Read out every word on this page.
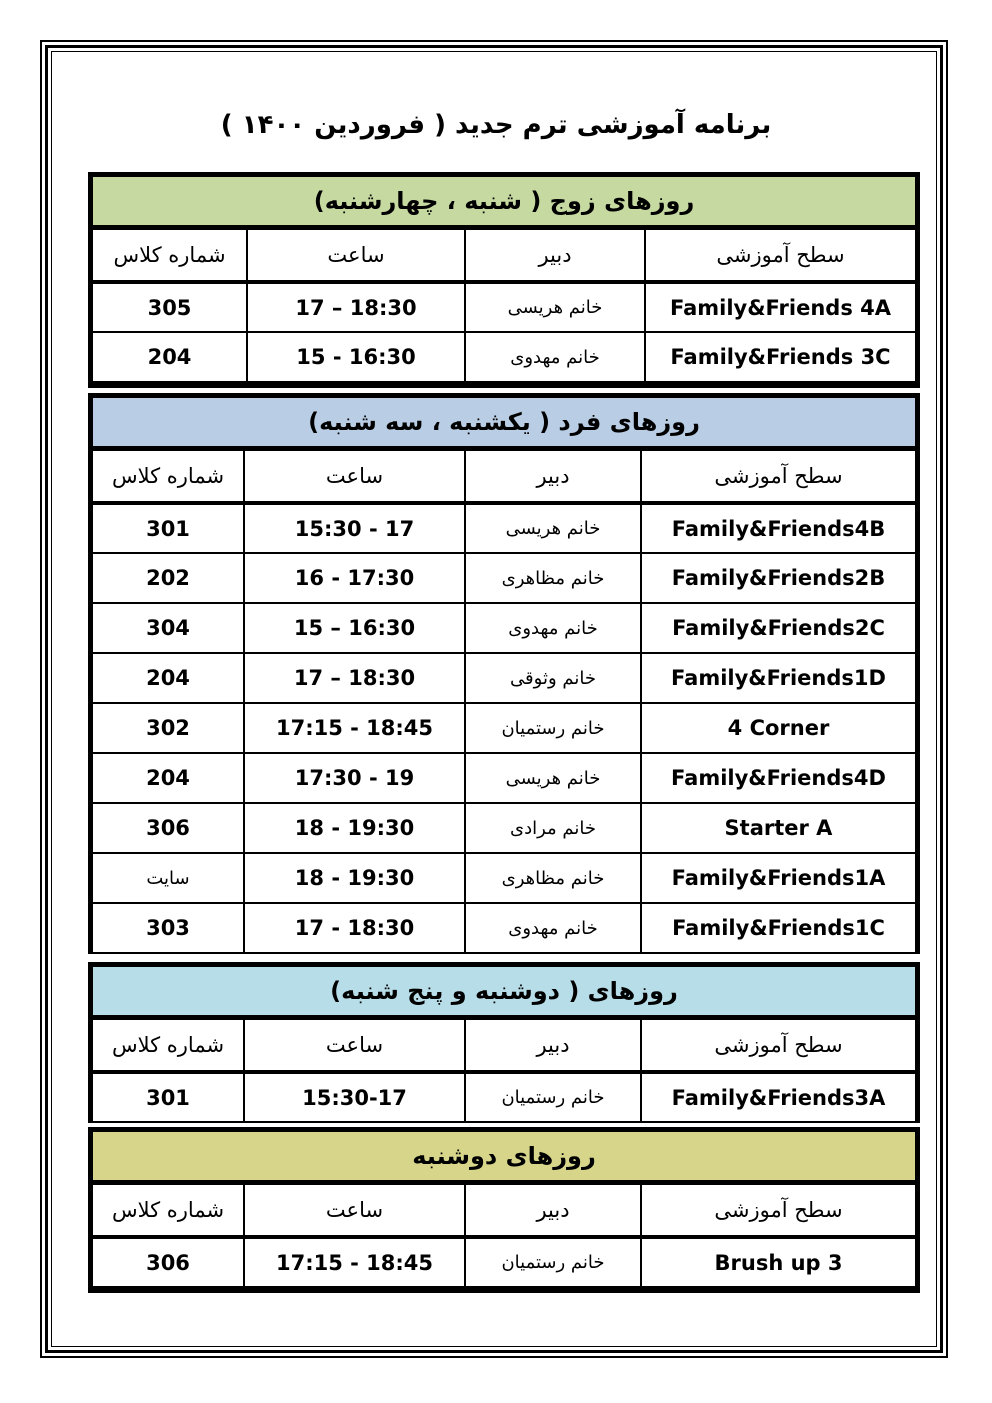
برنامه آموزشی ترم جدید ( فروردین ۱۴۰۰ )
روزهای زوج ( شنبه ، چهارشنبه)
سطح آموزشی	دبیر	ساعت	شماره کلاس
Family&Friends 4A	خانم هریسی	17 – 18:30	305
Family&Friends 3C	خانم مهدوی	15 - 16:30	204
روزهای فرد ( یکشنبه ، سه شنبه)
سطح آموزشی	دبیر	ساعت	شماره کلاس
Family&Friends4B	خانم هریسی	15:30 - 17	301
Family&Friends2B	خانم مظاهری	16 - 17:30	202
Family&Friends2C	خانم مهدوی	15 – 16:30	304
Family&Friends1D	خانم وثوقی	17 – 18:30	204
4 Corner	خانم رستمیان	17:15 - 18:45	302
Family&Friends4D	خانم هریسی	17:30 - 19	204
Starter A	خانم مرادی	18 - 19:30	306
Family&Friends1A	خانم مظاهری	18 - 19:30	سایت
Family&Friends1C	خانم مهدوی	17 - 18:30	303
روزهای ( دوشنبه و پنج شنبه)
سطح آموزشی	دبیر	ساعت	شماره کلاس
Family&Friends3A	خانم رستمیان	15:30-17	301
روزهای دوشنبه
سطح آموزشی	دبیر	ساعت	شماره کلاس
Brush up 3	خانم رستمیان	17:15 - 18:45	306
